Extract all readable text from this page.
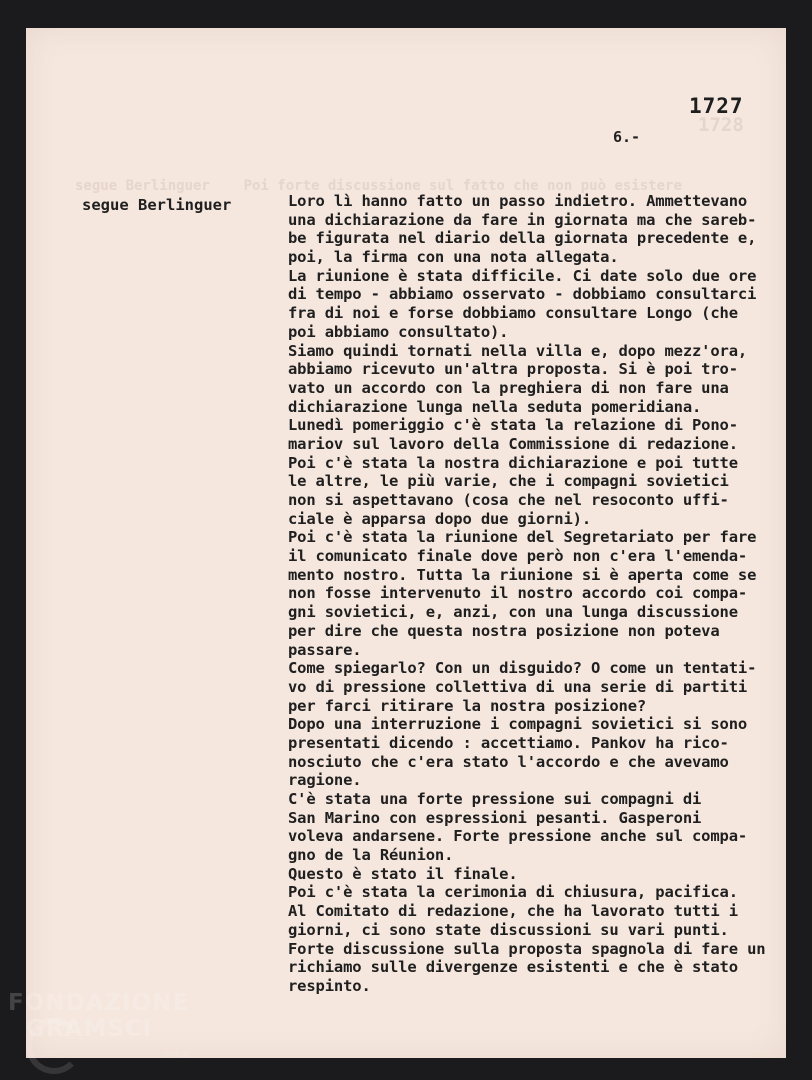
1727
6.-
segue Berlinguer	Loro lì hanno fatto un passo indietro. Ammettevano
una dichiarazione da fare in giornata ma che sareb-
be figurata nel diario della giornata precedente e,
poi, la firma con una nota allegata.
La riunione è stata difficile. Ci date solo due ore
di tempo - abbiamo osservato - dobbiamo consultarci
fra di noi e forse dobbiamo consultare Longo (che
poi abbiamo consultato).
Siamo quindi tornati nella villa e, dopo mezz'ora,
abbiamo ricevuto un'altra proposta. Si è poi tro-
vato un accordo con la preghiera di non fare una
dichiarazione lunga nella seduta pomeridiana.
Lunedì pomeriggio c'è stata la relazione di Pono-
mariov sul lavoro della Commissione di redazione.
Poi c'è stata la nostra dichiarazione e poi tutte
le altre, le più varie, che i compagni sovietici
non si aspettavano (cosa che nel resoconto uffi-
ciale è apparsa dopo due giorni).
Poi c'è stata la riunione del Segretariato per fare
il comunicato finale dove però non c'era l'emenda-
mento nostro. Tutta la riunione si è aperta come se
non fosse intervenuto il nostro accordo coi compa-
gni sovietici, e, anzi, con una lunga discussione
per dire che questa nostra posizione non poteva
passare.
Come spiegarlo? Con un disguido? O come un tentati-
vo di pressione collettiva di una serie di partiti
per farci ritirare la nostra posizione?
Dopo una interruzione i compagni sovietici si sono
presentati dicendo : accettiamo. Pankov ha rico-
nosciuto che c'era stato l'accordo e che avevamo
ragione.
C'è stata una forte pressione sui compagni di
San Marino con espressioni pesanti. Gasperoni
voleva andarsene. Forte pressione anche sul compa-
gno de la Réunion.
Questo è stato il finale.
Poi c'è stata la cerimonia di chiusura, pacifica.
Al Comitato di redazione, che ha lavorato tutti i
giorni, ci sono state discussioni su vari punti.
Forte discussione sulla proposta spagnola di fare un
richiamo sulle divergenze esistenti e che è stato
respinto.
FONDAZIONE
GRAMSCI
onlus
